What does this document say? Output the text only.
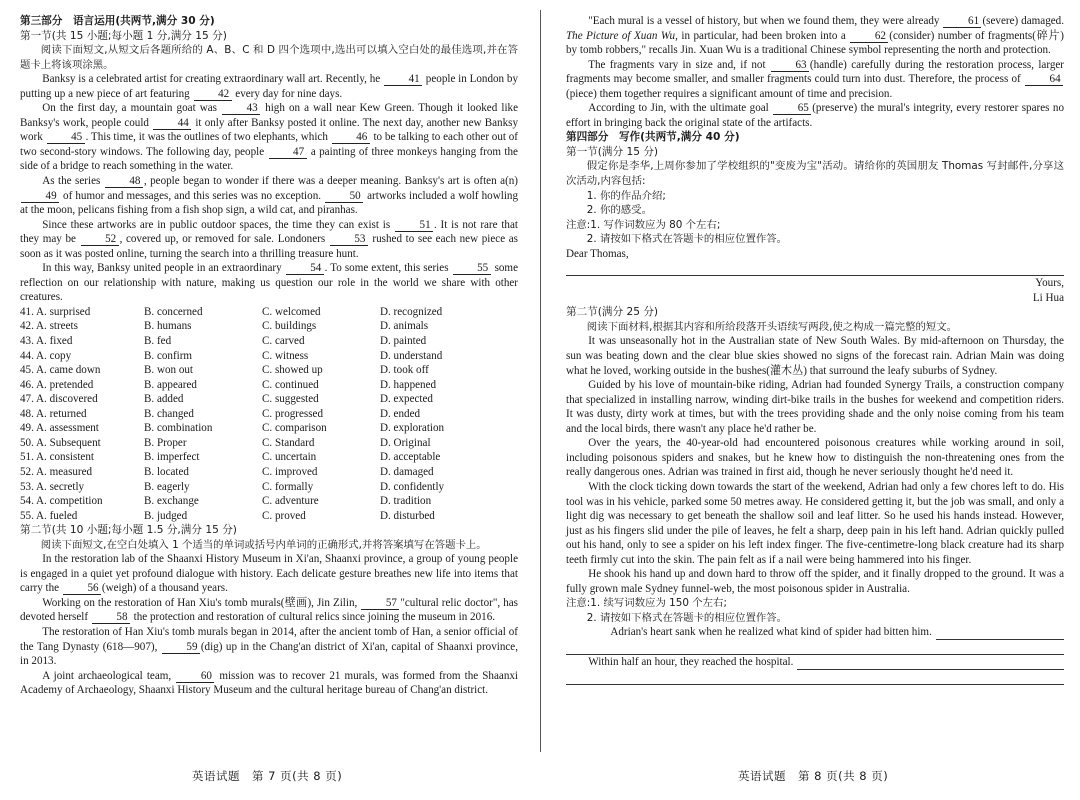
第三部分　语言运用(共两节,满分 30 分)

第一节(共 15 小题;每小题 1 分,满分 15 分)

阅读下面短文,从短文后各题所给的 A、B、C 和 D 四个选项中,选出可以填入空白处的最佳选项,并在答题卡上将该项涂黑。

Banksy is a celebrated artist for creating extraordinary wall art. Recently, he 41 people in London by putting up a new piece of art featuring 42 every day for nine days.

On the first day, a mountain goat was 43 high on a wall near Kew Green. Though it looked like Banksy's work, people could 44 it only after Banksy posted it online. The next day, another new Banksy work 45 . This time, it was the outlines of two elephants, which 46 to be talking to each other out of two second-story windows. The following day, people 47 a painting of three monkeys hanging from the side of a bridge to reach something in the water.

As the series 48 , people began to wonder if there was a deeper meaning. Banksy's art is often a(n) 49 of humor and messages, and this series was no exception. 50 artworks included a wolf howling at the moon, pelicans fishing from a fish shop sign, a wild cat, and piranhas.

Since these artworks are in public outdoor spaces, the time they can exist is 51 . It is not rare that they may be 52 , covered up, or removed for sale. Londoners 53 rushed to see each new piece as soon as it was posted online, turning the search into a thrilling treasure hunt.

In this way, Banksy united people in an extraordinary 54 . To some extent, this series 55 some reflection on our relationship with nature, making us question our role in the world we share with other creatures.

41. A. surprised	B. concerned	C. welcomed	D. recognized
42. A. streets	B. humans	C. buildings	D. animals
43. A. fixed	B. fed	C. carved	D. painted
44. A. copy	B. confirm	C. witness	D. understand
45. A. came down	B. won out	C. showed up	D. took off
46. A. pretended	B. appeared	C. continued	D. happened
47. A. discovered	B. added	C. suggested	D. expected
48. A. returned	B. changed	C. progressed	D. ended
49. A. assessment	B. combination	C. comparison	D. exploration
50. A. Subsequent	B. Proper	C. Standard	D. Original
51. A. consistent	B. imperfect	C. uncertain	D. acceptable
52. A. measured	B. located	C. improved	D. damaged
53. A. secretly	B. eagerly	C. formally	D. confidently
54. A. competition	B. exchange	C. adventure	D. tradition
55. A. fueled	B. judged	C. proved	D. disturbed

第二节(共 10 小题;每小题 1.5 分,满分 15 分)

阅读下面短文,在空白处填入 1 个适当的单词或括号内单词的正确形式,并将答案填写在答题卡上。

In the restoration lab of the Shaanxi History Museum in Xi'an, Shaanxi province, a group of young people is engaged in a quiet yet profound dialogue with history. Each delicate gesture breathes new life into items that carry the 56 (weigh) of a thousand years.

Working on the restoration of Han Xiu's tomb murals(壁画), Jin Zilin, 57 "cultural relic doctor", has devoted herself 58 the protection and restoration of cultural relics since joining the museum in 2016.

The restoration of Han Xiu's tomb murals began in 2014, after the ancient tomb of Han, a senior official of the Tang Dynasty (618—907), 59 (dig) up in the Chang'an district of Xi'an, capital of Shaanxi province, in 2013.

A joint archaeological team, 60 mission was to recover 21 murals, was formed from the Shaanxi Academy of Archaeology, Shaanxi History Museum and the cultural heritage bureau of Chang'an district.

"Each mural is a vessel of history, but when we found them, they were already 61 (severe) damaged. The Picture of Xuan Wu, in particular, had been broken into a 62 (consider) number of fragments(碎片) by tomb robbers," recalls Jin. Xuan Wu is a traditional Chinese symbol representing the north and protection.

The fragments vary in size and, if not 63 (handle) carefully during the restoration process, larger fragments may become smaller, and smaller fragments could turn into dust. Therefore, the process of 64(piece) them together requires a significant amount of time and precision.

According to Jin, with the ultimate goal 65 (preserve) the mural's integrity, every restorer spares no effort in bringing back the original state of the artifacts.

第四部分　写作(共两节,满分 40 分)

第一节(满分 15 分)

假定你是李华,上周你参加了学校组织的"变废为宝"活动。请给你的英国朋友 Thomas 写封邮件,分享这次活动,内容包括:

1. 你的作品介绍;

2. 你的感受。

注意:1. 写作词数应为 80 个左右;

2. 请按如下格式在答题卡的相应位置作答。

Dear Thomas,

Yours,

Li Hua

第二节(满分 25 分)

阅读下面材料,根据其内容和所给段落开头语续写两段,使之构成一篇完整的短文。

It was unseasonally hot in the Australian state of New South Wales. By mid-afternoon on Thursday, the sun was beating down and the clear blue skies showed no signs of the forecast rain. Adrian Main was doing what he loved, working outside in the bushes(灌木丛) that surround the leafy suburbs of Sydney.

Guided by his love of mountain-bike riding, Adrian had founded Synergy Trails, a construction company that specialized in installing narrow, winding dirt-bike trails in the bushes for weekend and competition riders. It was dusty, dirty work at times, but with the trees providing shade and the only noise coming from his team and the local birds, there wasn't any place he'd rather be.

Over the years, the 40-year-old had encountered poisonous creatures while working around in soil, including poisonous spiders and snakes, but he knew how to distinguish the non-threatening ones from the really dangerous ones. Adrian was trained in first aid, though he never seriously thought he'd need it.

With the clock ticking down towards the start of the weekend, Adrian had only a few chores left to do. His tool was in his vehicle, parked some 50 metres away. He considered getting it, but the job was small, and only a light dig was necessary to get beneath the shallow soil and leaf litter. So he used his hands instead. However, just as his fingers slid under the pile of leaves, he felt a sharp, deep pain in his left hand. Adrian quickly pulled out his hand, only to see a spider on his left index finger. The five-centimetre-long black creature had its sharp teeth firmly cut into the skin. The pain felt as if a nail were being hammered into his finger.

He shook his hand up and down hard to throw off the spider, and it finally dropped to the ground. It was a fully grown male Sydney funnel-web, the most poisonous spider in Australia.

注意:1. 续写词数应为 150 个左右;

2. 请按如下格式在答题卡的相应位置作答。

Adrian's heart sank when he realized what kind of spider had bitten him.
Within half an hour, they reached the hospital.
英语试题　第 7 页(共 8 页)	英语试题　第 8 页(共 8 页)
